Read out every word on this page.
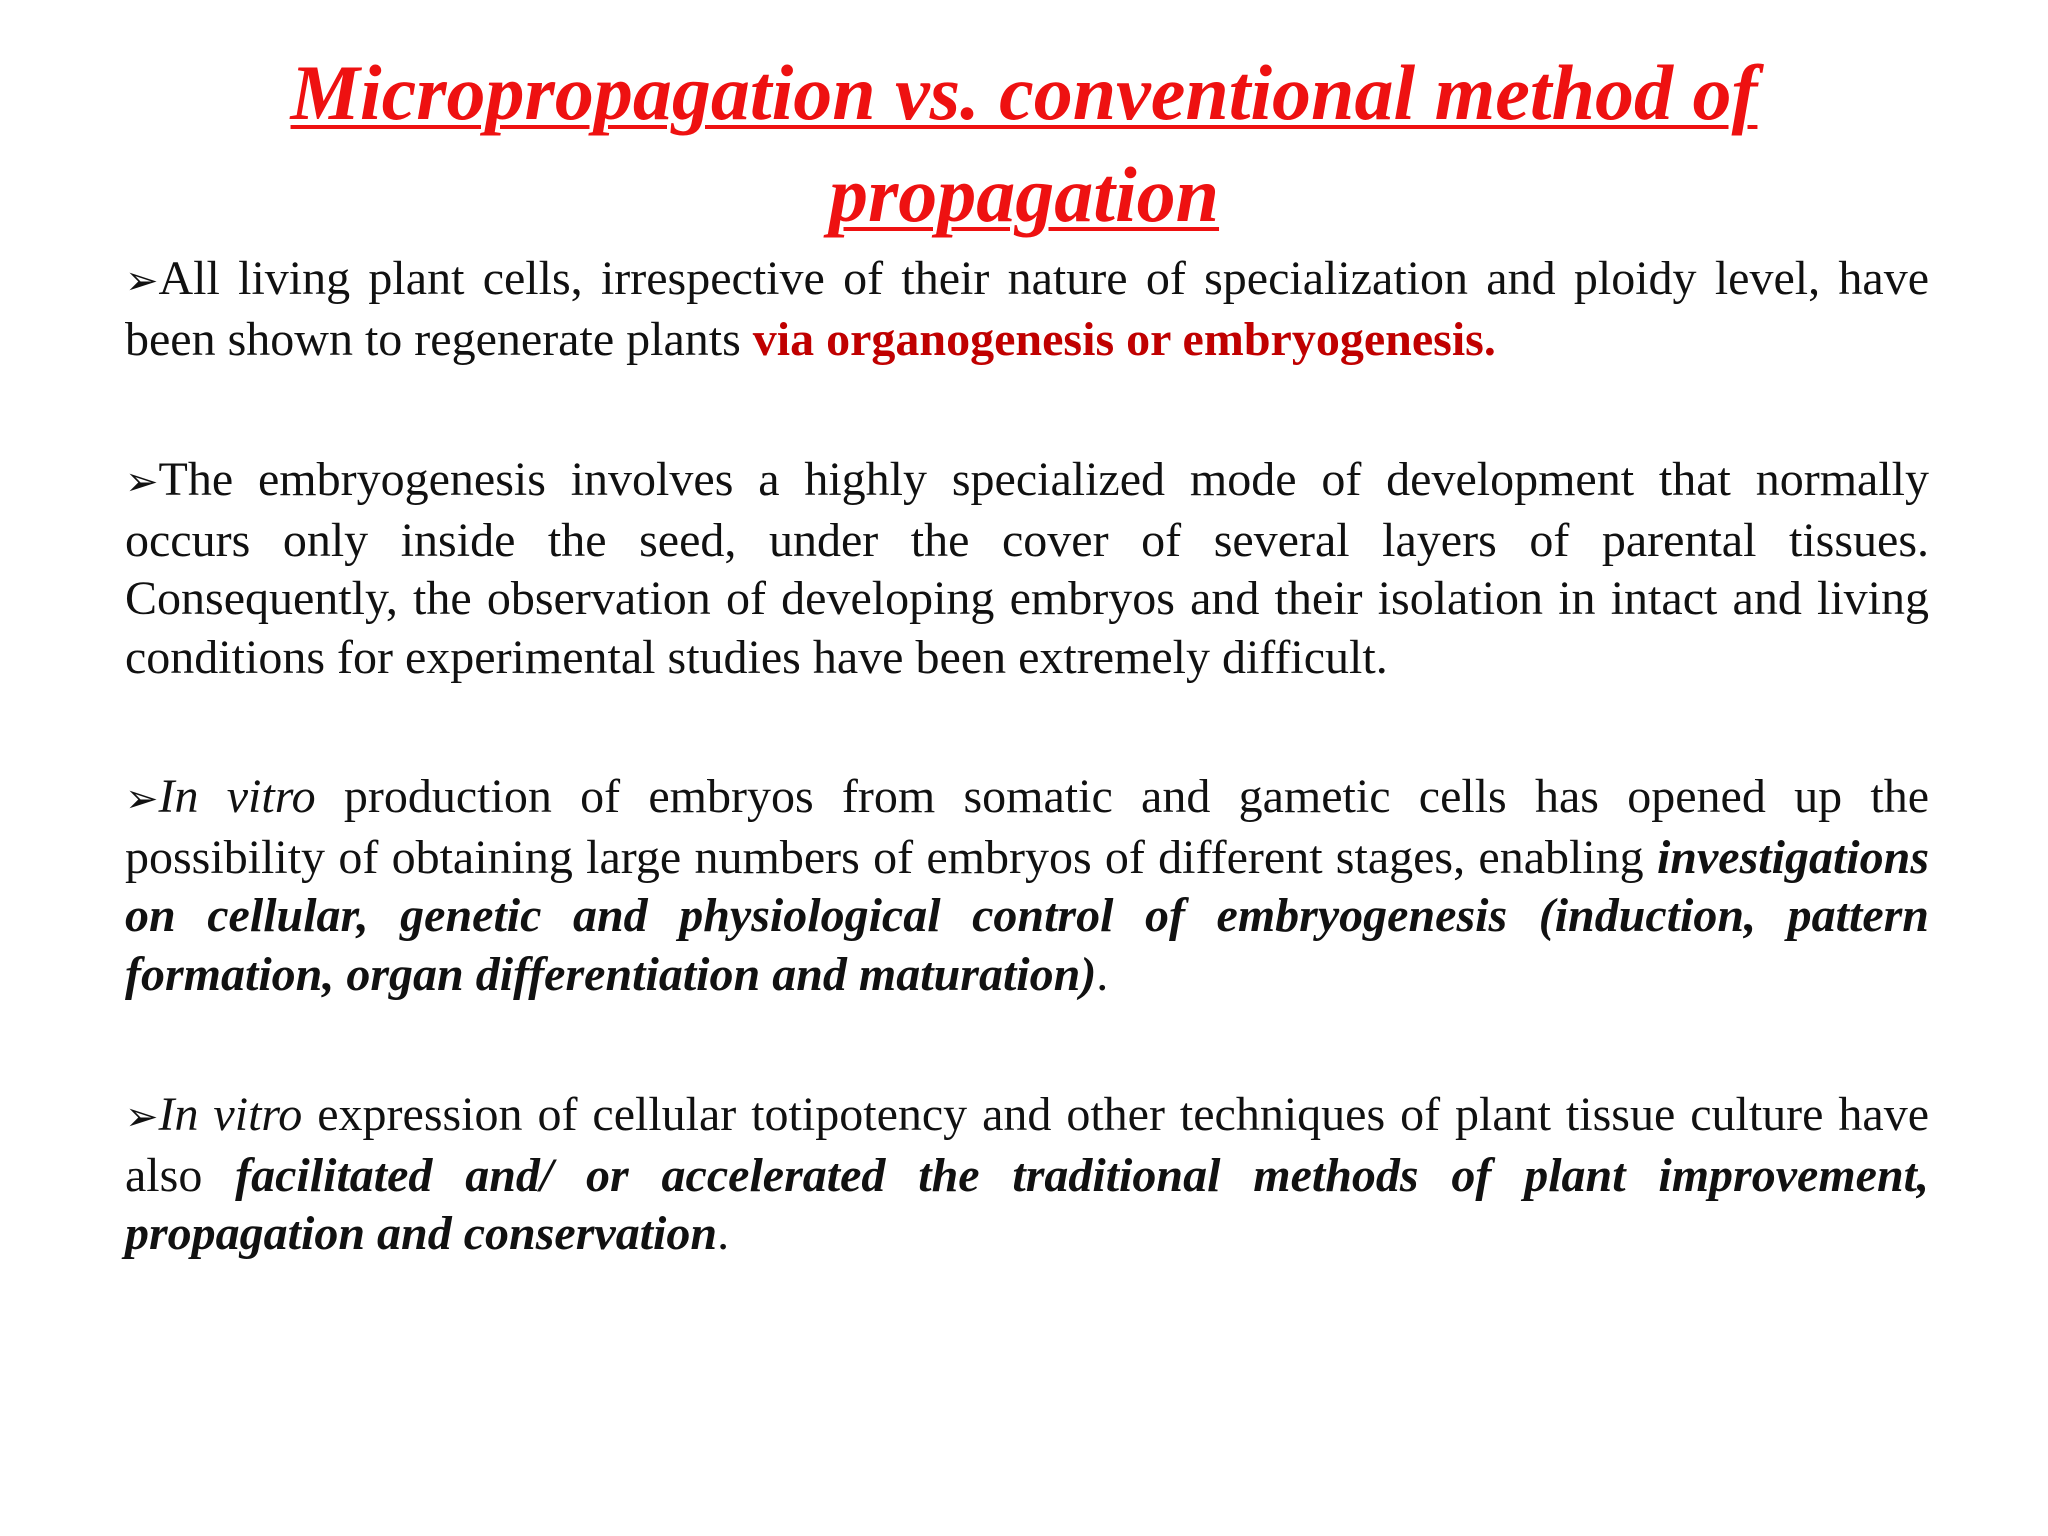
Micropropagation vs. conventional method of
propagation

➢All living plant cells, irrespective of their nature of specialization and ploidy level, have been shown to regenerate plants via organogenesis or embryogenesis.

➢The embryogenesis involves a highly specialized mode of development that normally occurs only inside the seed, under the cover of several layers of parental tissues. Consequently, the observation of developing embryos and their isolation in intact and living conditions for experimental studies have been extremely difficult.

➢In vitro production of embryos from somatic and gametic cells has opened up the possibility of obtaining large numbers of embryos of different stages, enabling investigations on cellular, genetic and physiological control of embryogenesis (induction, pattern formation, organ differentiation and maturation).

➢In vitro expression of cellular totipotency and other techniques of plant tissue culture have also facilitated and/ or accelerated the traditional methods of plant improvement, propagation and conservation.
